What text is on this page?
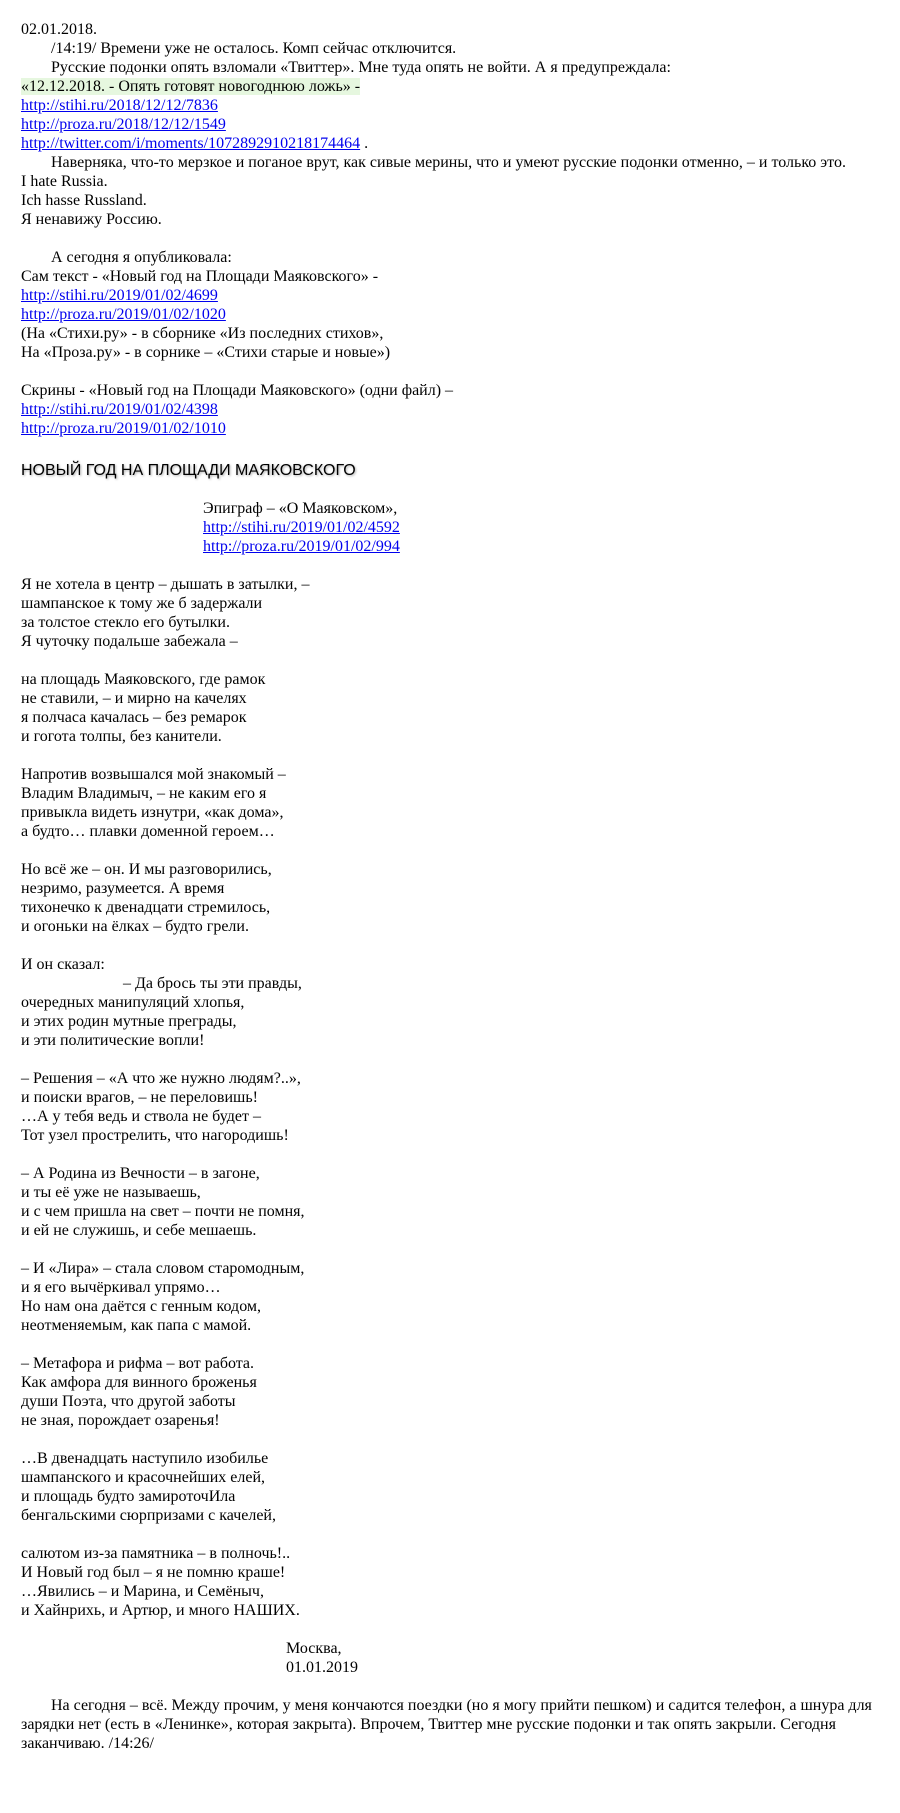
02.01.2018.
/14:19/ Времени уже не осталось. Комп сейчас отключится.
Русские подонки опять взломали «Твиттер». Мне туда опять не войти. А я предупреждала:
«12.12.2018. - Опять готовят новогоднюю ложь» -
http://stihi.ru/2018/12/12/7836
http://proza.ru/2018/12/12/1549
http://twitter.com/i/moments/1072892910218174464 .
Наверняка, что-то мерзкое и поганое врут, как сивые мерины, что и умеют русские подонки отменно, – и только это.
I hate Russia.
Ich hasse Russland.
Я ненавижу Россию.
А сегодня я опубликовала:
Сам текст - «Новый год на Площади Маяковского» -
http://stihi.ru/2019/01/02/4699
http://proza.ru/2019/01/02/1020
(На «Стихи.ру» - в сборнике «Из последних стихов»,
На «Проза.ру» - в сорнике – «Стихи старые и новые»)
Скрины - «Новый год на Площади Маяковского» (одни файл) –
http://stihi.ru/2019/01/02/4398
http://proza.ru/2019/01/02/1010
НОВЫЙ ГОД НА ПЛОЩАДИ МАЯКОВСКОГО
Эпиграф – «О Маяковском»,
http://stihi.ru/2019/01/02/4592
http://proza.ru/2019/01/02/994
Я не хотела в центр – дышать в затылки, –
шампанское к тому же б задержали
за толстое стекло его бутылки.
Я чуточку подальше забежала –
на площадь Маяковского, где рамок
не ставили, – и мирно на качелях
я полчаса качалась – без ремарок
и гогота толпы, без канители.
Напротив возвышался мой знакомый –
Владим Владимыч, – не каким его я
привыкла видеть изнутри, «как дома»,
а будто… плавки доменной героем…
Но всё же – он. И мы разговорились,
незримо, разумеется. А время
тихонечко к двенадцати стремилось,
и огоньки на ёлках – будто грели.
И он сказал:
– Да брось ты эти правды,
очередных манипуляций хлопья,
и этих родин мутные преграды,
и эти политические вопли!
– Решения – «А что же нужно людям?..»,
и поиски врагов, – не переловишь!
…А у тебя ведь и ствола не будет –
Тот узел прострелить, что нагородишь!
– А Родина из Вечности – в загоне,
и ты её уже не называешь,
и с чем пришла на свет – почти не помня,
и ей не служишь, и себе мешаешь.
– И «Лира» – стала словом старомодным,
и я его вычёркивал упрямо…
Но нам она даётся с генным кодом,
неотменяемым, как папа с мамой.
– Метафора и рифма – вот работа.
Как амфора для винного броженья
души Поэта, что другой заботы
не зная, порождает озаренья!
…В двенадцать наступило изобилье
шампанского и красочнейших елей,
и площадь будто замироточИла
бенгальскими сюрпризами с качелей,
салютом из-за памятника – в полночь!..
И Новый год был – я не помню краше!
…Явились – и Марина, и Семёныч,
и Хайнрихь, и Артюр, и много НАШИХ.
Москва,
01.01.2019
На сегодня – всё. Между прочим, у меня кончаются поездки (но я могу прийти пешком) и садится телефон, а шнура для зарядки нет (есть в «Ленинке», которая закрыта). Впрочем, Твиттер мне русские подонки и так опять закрыли. Сегодня заканчиваю. /14:26/
